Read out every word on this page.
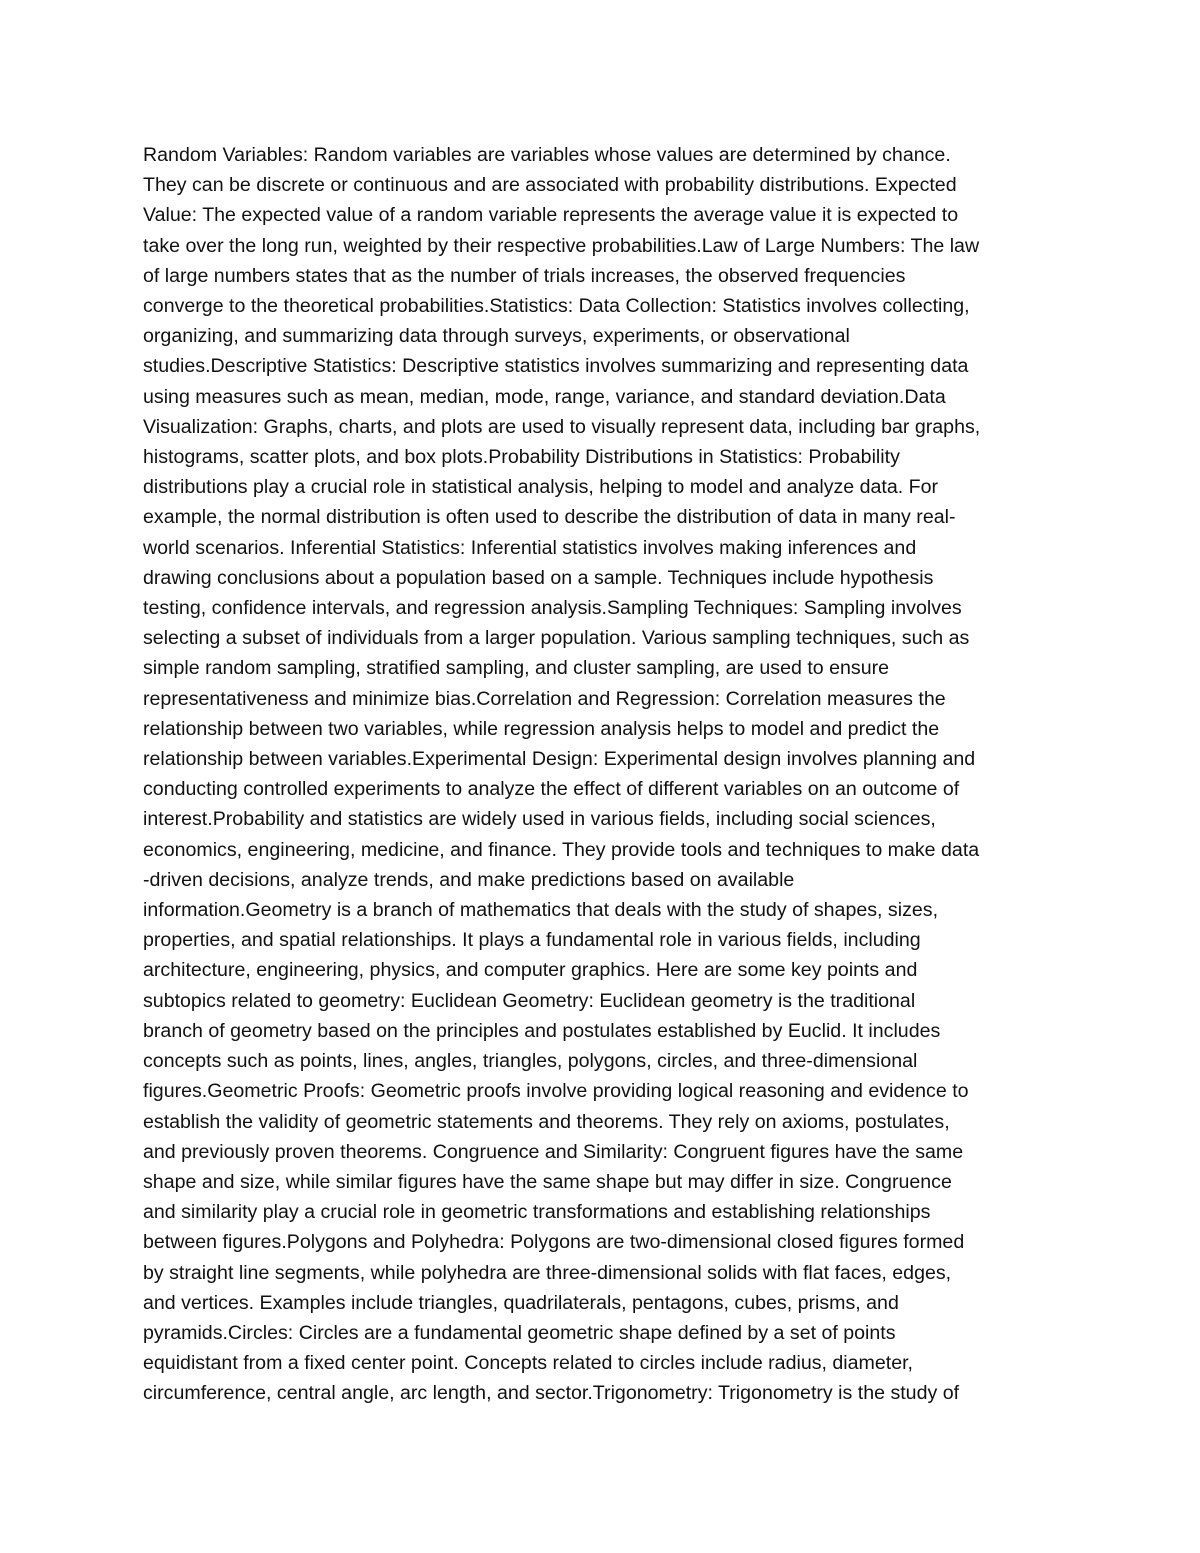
Random Variables: Random variables are variables whose values are determined by chance.
They can be discrete or continuous and are associated with probability distributions. Expected
Value: The expected value of a random variable represents the average value it is expected to
take over the long run, weighted by their respective probabilities.Law of Large Numbers: The law
of large numbers states that as the number of trials increases, the observed frequencies
converge to the theoretical probabilities.Statistics: Data Collection: Statistics involves collecting,
organizing, and summarizing data through surveys, experiments, or observational
studies.Descriptive Statistics: Descriptive statistics involves summarizing and representing data
using measures such as mean, median, mode, range, variance, and standard deviation.Data
Visualization: Graphs, charts, and plots are used to visually represent data, including bar graphs,
histograms, scatter plots, and box plots.Probability Distributions in Statistics: Probability
distributions play a crucial role in statistical analysis, helping to model and analyze data. For
example, the normal distribution is often used to describe the distribution of data in many real-
world scenarios. Inferential Statistics: Inferential statistics involves making inferences and
drawing conclusions about a population based on a sample. Techniques include hypothesis
testing, confidence intervals, and regression analysis.Sampling Techniques: Sampling involves
selecting a subset of individuals from a larger population. Various sampling techniques, such as
simple random sampling, stratified sampling, and cluster sampling, are used to ensure
representativeness and minimize bias.Correlation and Regression: Correlation measures the
relationship between two variables, while regression analysis helps to model and predict the
relationship between variables.Experimental Design: Experimental design involves planning and
conducting controlled experiments to analyze the effect of different variables on an outcome of
interest.Probability and statistics are widely used in various fields, including social sciences,
economics, engineering, medicine, and finance. They provide tools and techniques to make data
-driven decisions, analyze trends, and make predictions based on available
information.Geometry is a branch of mathematics that deals with the study of shapes, sizes,
properties, and spatial relationships. It plays a fundamental role in various fields, including
architecture, engineering, physics, and computer graphics. Here are some key points and
subtopics related to geometry: Euclidean Geometry: Euclidean geometry is the traditional
branch of geometry based on the principles and postulates established by Euclid. It includes
concepts such as points, lines, angles, triangles, polygons, circles, and three-dimensional
figures.Geometric Proofs: Geometric proofs involve providing logical reasoning and evidence to
establish the validity of geometric statements and theorems. They rely on axioms, postulates,
and previously proven theorems. Congruence and Similarity: Congruent figures have the same
shape and size, while similar figures have the same shape but may differ in size. Congruence
and similarity play a crucial role in geometric transformations and establishing relationships
between figures.Polygons and Polyhedra: Polygons are two-dimensional closed figures formed
by straight line segments, while polyhedra are three-dimensional solids with flat faces, edges,
and vertices. Examples include triangles, quadrilaterals, pentagons, cubes, prisms, and
pyramids.Circles: Circles are a fundamental geometric shape defined by a set of points
equidistant from a fixed center point. Concepts related to circles include radius, diameter,
circumference, central angle, arc length, and sector.Trigonometry: Trigonometry is the study of
